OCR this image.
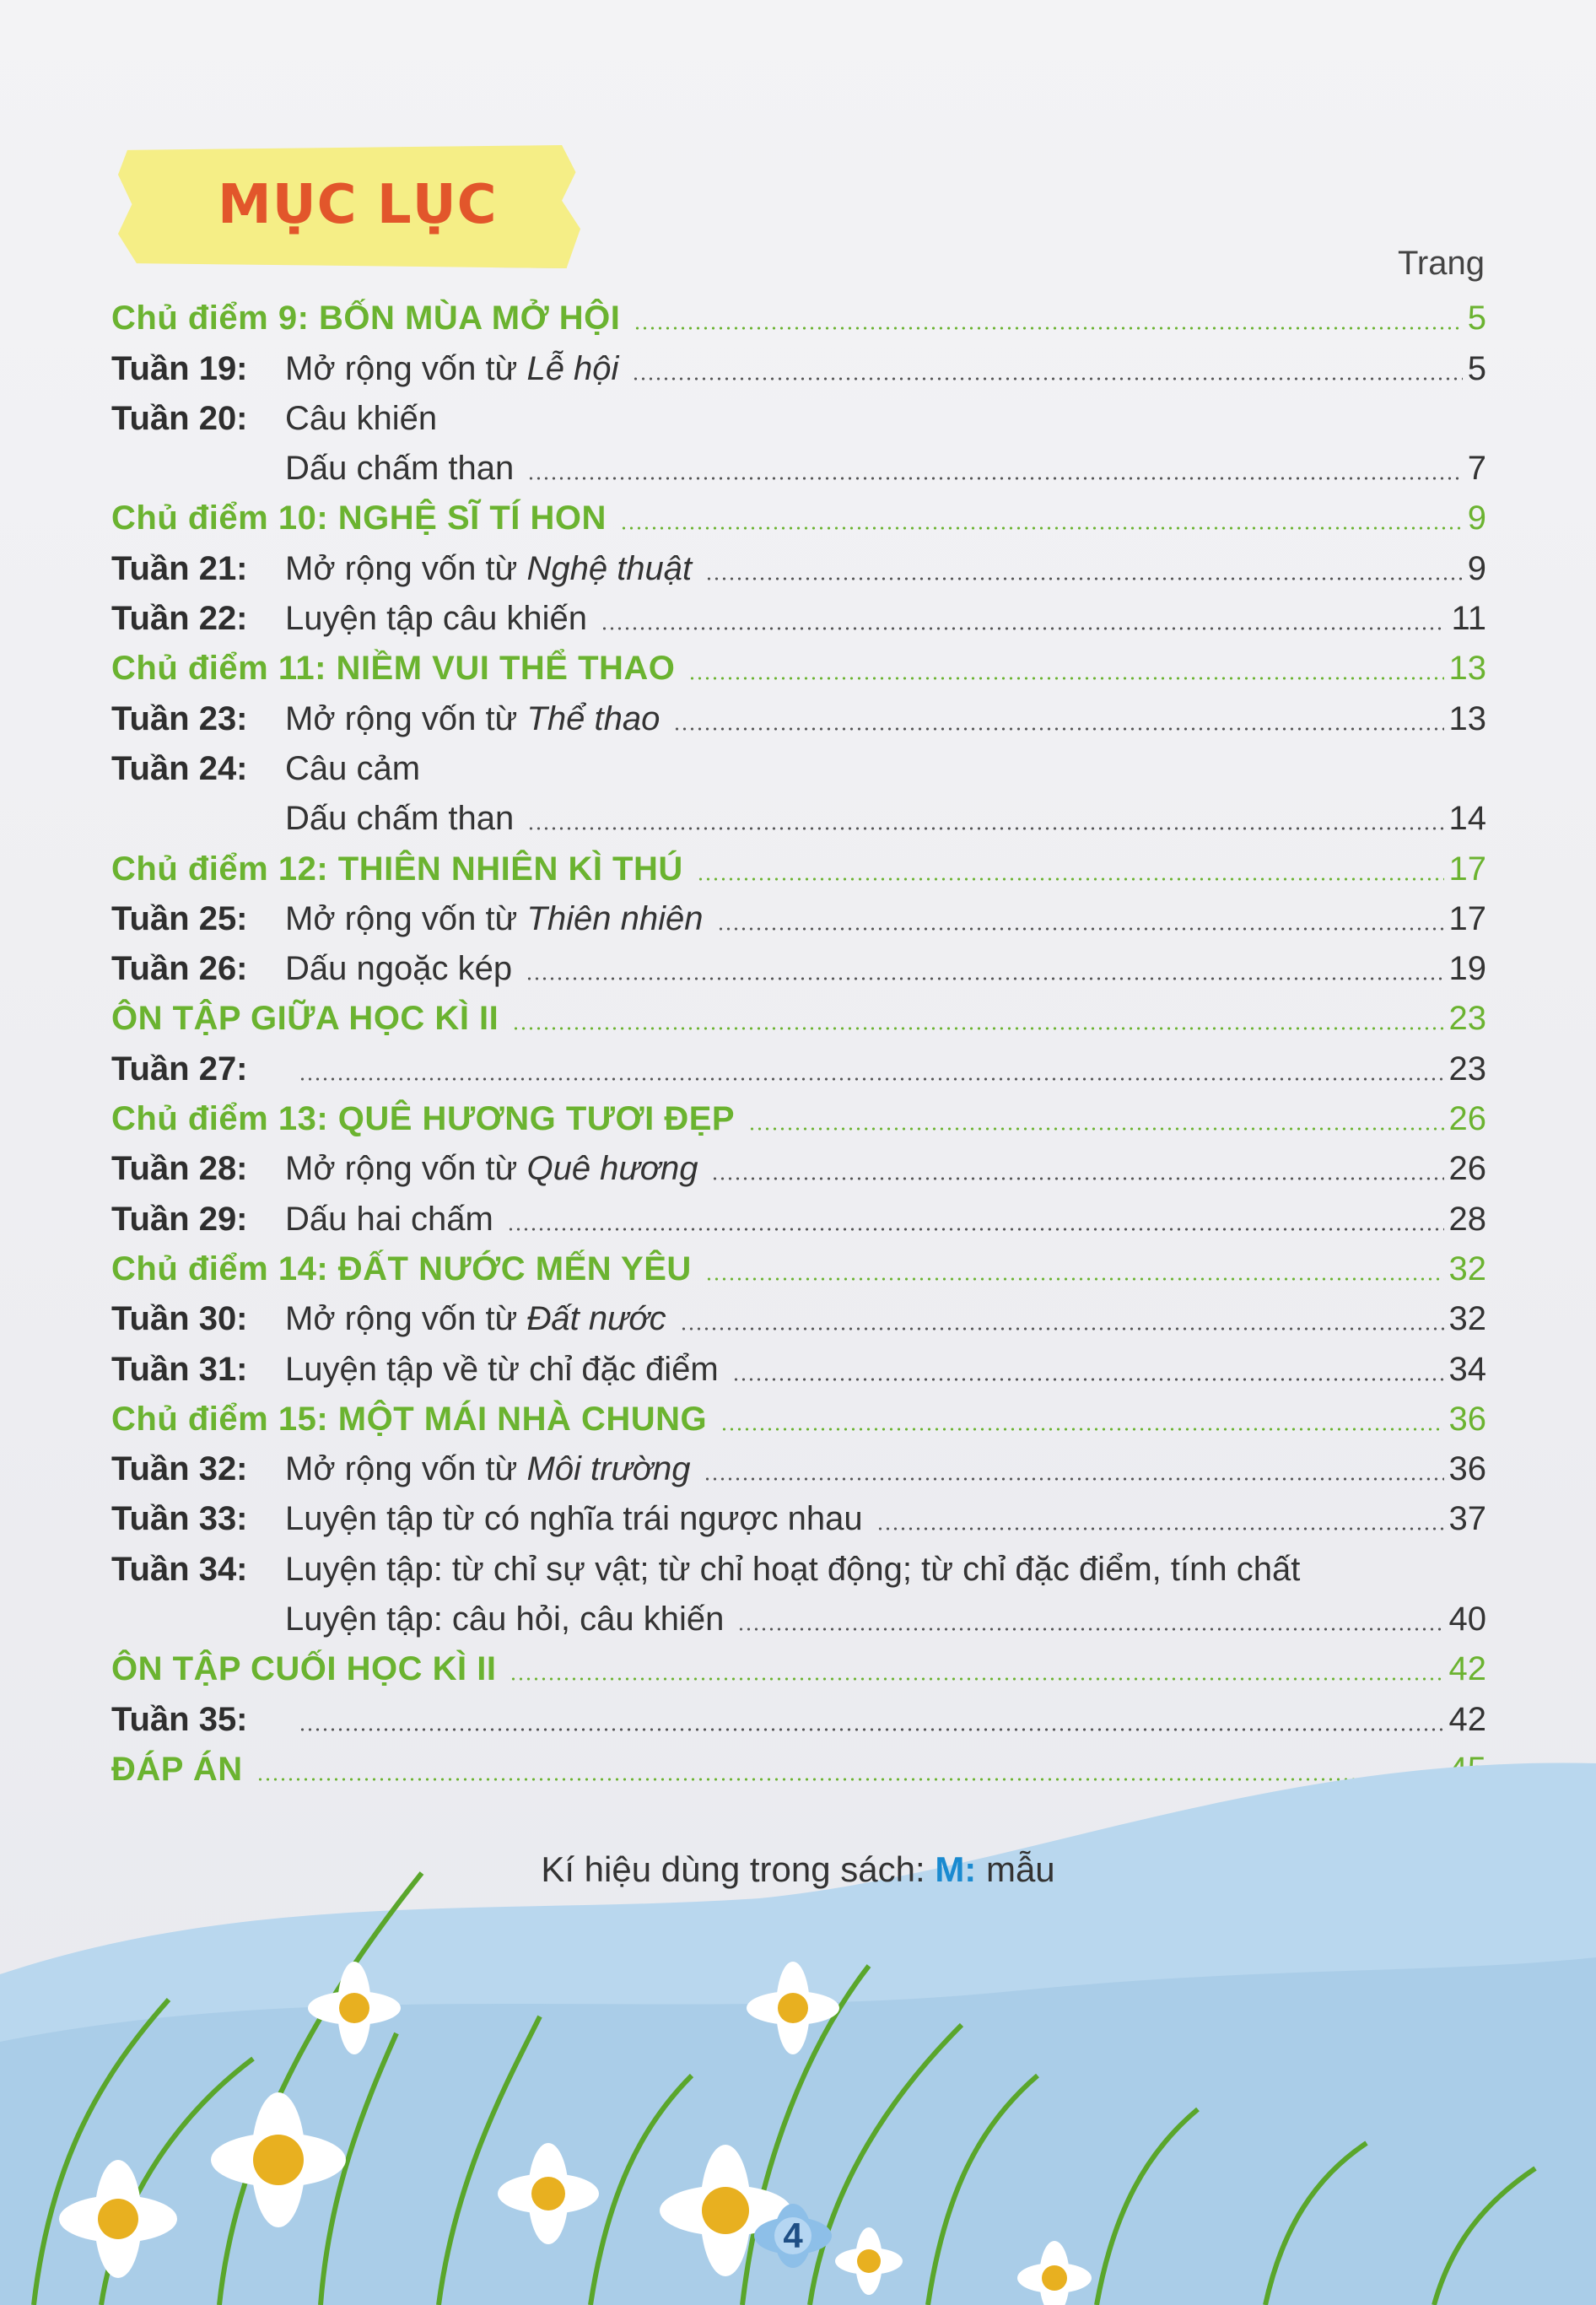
MỤC LỤC
Trang
Chủ điểm 9: BỐN MÙA MỞ HỘI	5
Tuần 19:	Mở rộng vốn từ Lễ hội	5
Tuần 20:	Câu khiến
Dấu chấm than	7
Chủ điểm 10: NGHỆ SĨ TÍ HON	9
Tuần 21:	Mở rộng vốn từ Nghệ thuật	9
Tuần 22:	Luyện tập câu khiến	11
Chủ điểm 11: NIỀM VUI THỂ THAO	13
Tuần 23:	Mở rộng vốn từ Thể thao	13
Tuần 24:	Câu cảm
Dấu chấm than	14
Chủ điểm 12: THIÊN NHIÊN KÌ THÚ	17
Tuần 25:	Mở rộng vốn từ Thiên nhiên	17
Tuần 26:	Dấu ngoặc kép	19
ÔN TẬP GIỮA HỌC KÌ II	23
Tuần 27:	23
Chủ điểm 13: QUÊ HƯƠNG TƯƠI ĐẸP	26
Tuần 28:	Mở rộng vốn từ Quê hương	26
Tuần 29:	Dấu hai chấm	28
Chủ điểm 14: ĐẤT NƯỚC MẾN YÊU	32
Tuần 30:	Mở rộng vốn từ Đất nước	32
Tuần 31:	Luyện tập về từ chỉ đặc điểm	34
Chủ điểm 15: MỘT MÁI NHÀ CHUNG	36
Tuần 32:	Mở rộng vốn từ Môi trường	36
Tuần 33:	Luyện tập từ có nghĩa trái ngược nhau	37
Tuần 34:	Luyện tập: từ chỉ sự vật; từ chỉ hoạt động; từ chỉ đặc điểm, tính chất
Luyện tập: câu hỏi, câu khiến	40
ÔN TẬP CUỐI HỌC KÌ II	42
Tuần 35:	42
ĐÁP ÁN
Kí hiệu dùng trong sách: M: mẫu
4
